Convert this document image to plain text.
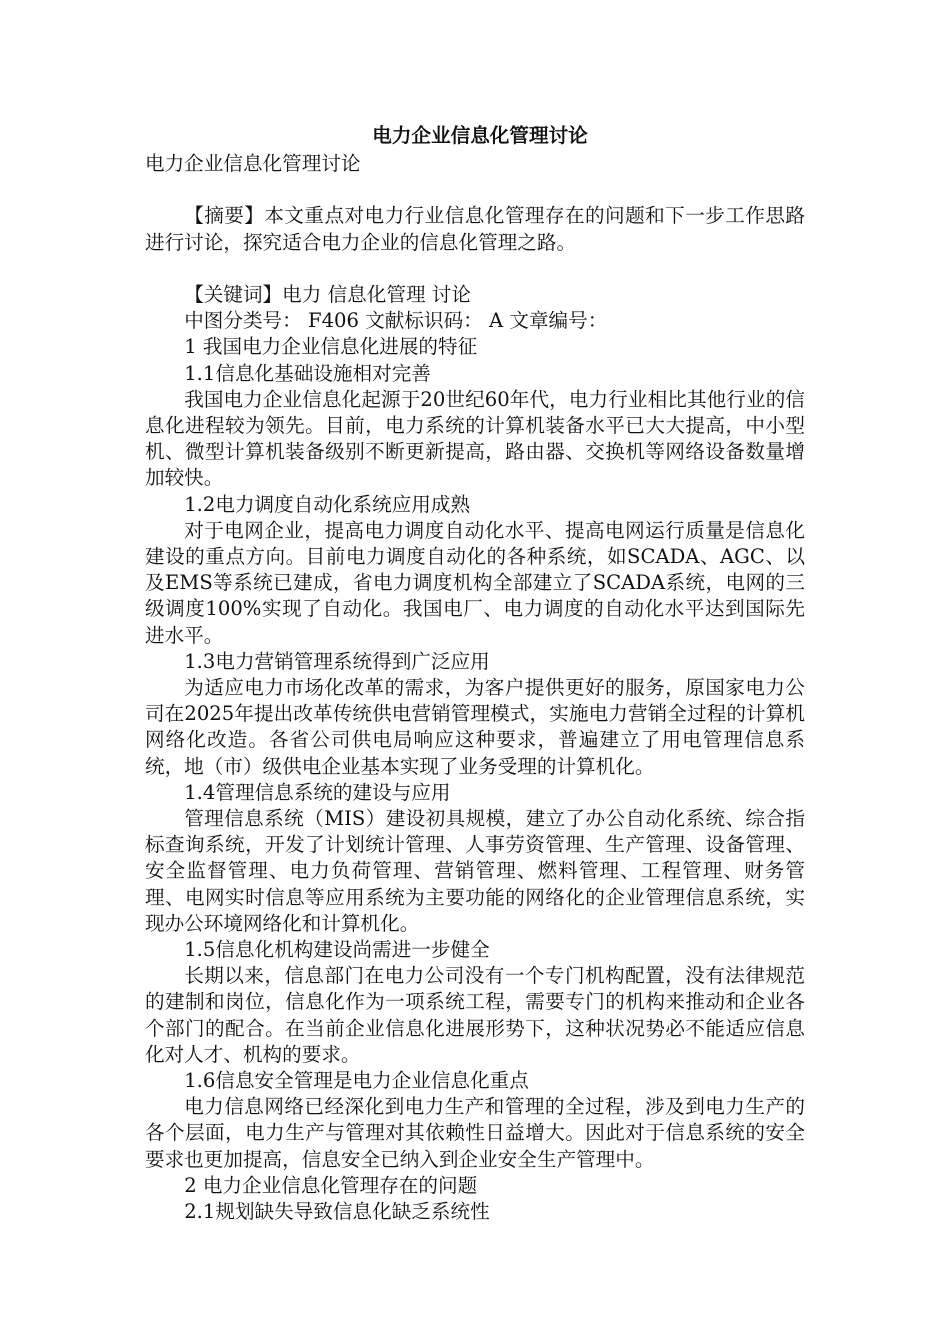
电力企业信息化管理讨论
电力企业信息化管理讨论
【摘要】本文重点对电力行业信息化管理存在的问题和下一步工作思路进行讨论，探究适合电力企业的信息化管理之路。
【关键词】电力 信息化管理 讨论
中图分类号： F406 文献标识码： A 文章编号：
1 我国电力企业信息化进展的特征
1.1信息化基础设施相对完善
我国电力企业信息化起源于20世纪60年代，电力行业相比其他行业的信息化进程较为领先。目前，电力系统的计算机装备水平已大大提高，中小型机、微型计算机装备级别不断更新提高，路由器、交换机等网络设备数量增加较快。
1.2电力调度自动化系统应用成熟
对于电网企业，提高电力调度自动化水平、提高电网运行质量是信息化建设的重点方向。目前电力调度自动化的各种系统，如SCADA、AGC、以及EMS等系统已建成，省电力调度机构全部建立了SCADA系统，电网的三级调度100%实现了自动化。我国电厂、电力调度的自动化水平达到国际先进水平。
1.3电力营销管理系统得到广泛应用
为适应电力市场化改革的需求，为客户提供更好的服务，原国家电力公司在2025年提出改革传统供电营销管理模式，实施电力营销全过程的计算机网络化改造。各省公司供电局响应这种要求，普遍建立了用电管理信息系统，地（市）级供电企业基本实现了业务受理的计算机化。
1.4管理信息系统的建设与应用
管理信息系统（MIS）建设初具规模，建立了办公自动化系统、综合指标查询系统，开发了计划统计管理、人事劳资管理、生产管理、设备管理、安全监督管理、电力负荷管理、营销管理、燃料管理、工程管理、财务管理、电网实时信息等应用系统为主要功能的网络化的企业管理信息系统，实现办公环境网络化和计算机化。
1.5信息化机构建设尚需进一步健全
长期以来，信息部门在电力公司没有一个专门机构配置，没有法律规范的建制和岗位，信息化作为一项系统工程，需要专门的机构来推动和企业各个部门的配合。在当前企业信息化进展形势下，这种状况势必不能适应信息化对人才、机构的要求。
1.6信息安全管理是电力企业信息化重点
电力信息网络已经深化到电力生产和管理的全过程，涉及到电力生产的各个层面，电力生产与管理对其依赖性日益增大。因此对于信息系统的安全要求也更加提高，信息安全已纳入到企业安全生产管理中。
2 电力企业信息化管理存在的问题
2.1规划缺失导致信息化缺乏系统性
